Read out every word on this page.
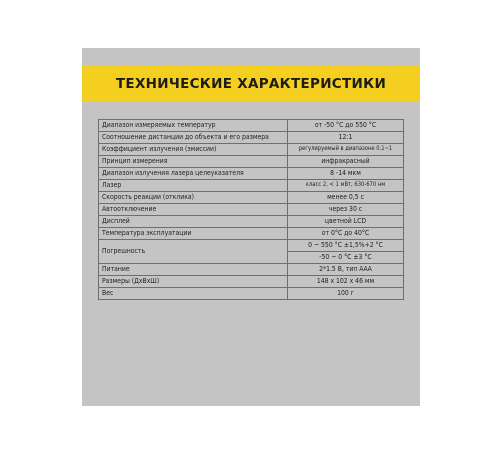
ТЕХНИЧЕСКИЕ ХАРАКТЕРИСТИКИ
Диапазон измеряемых температур	от -50 °С до 550 °С
Соотношение дистанции до объекта и его размера	12:1
Коэффициент излучения (эмиссии)	регулируемый в диапазоне 0,1~1
Принцип измерения	инфракрасный
Диапазон излучения лазера целеуказателя	8 -14 мкм
Лазер	класс 2, < 1 мВт, 630-670 нм
Скорость реакции (отклика)	менее 0,5 с
Автоотключение	через 30 с
Дисплей	цветной LCD
Температура эксплуатации	от 0°С до 40°С
Погрешность	0 ~ 550 °С ±1,5%+2 °С
	-50 ~ 0 °С ±3 °С
Питание	2*1.5 В, тип ААА
Размеры (ДхВхШ)	148 х 102 х 46 мм
Вес	100 г
